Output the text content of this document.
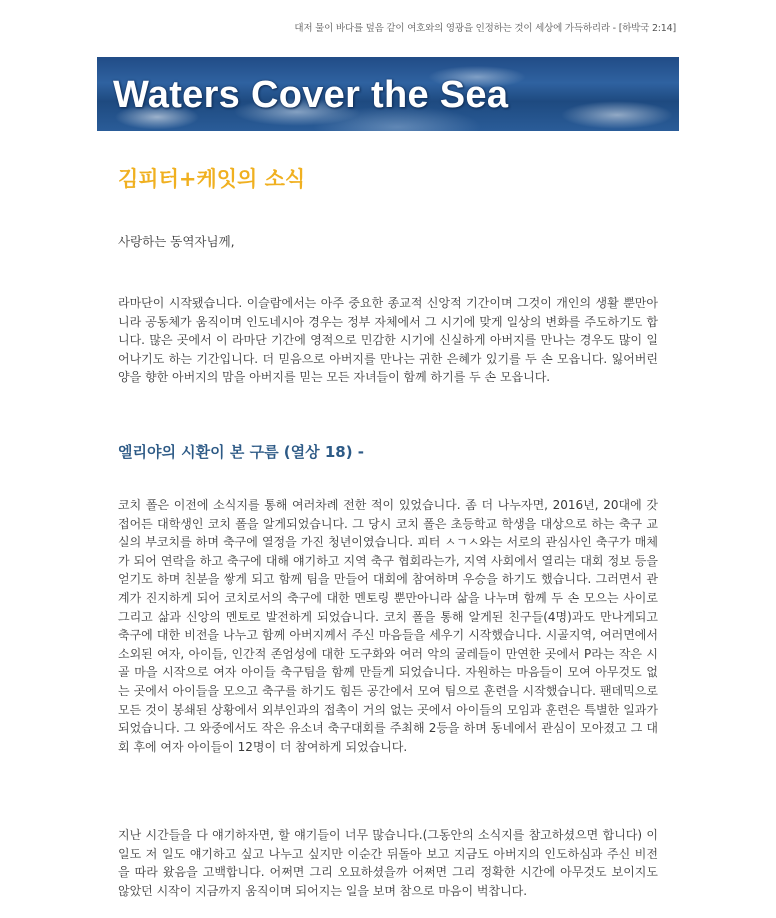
대저 물이 바다를 덮음 같이 여호와의 영광을 인정하는 것이 세상에 가득하리라 - [하박국 2:14]
Waters Cover the Sea
김피터+케잇의 소식
사랑하는 동역자님께,

라마단이 시작됐습니다. 이슬람에서는 아주 중요한 종교적 신앙적 기간이며 그것이 개인의 생활 뿐만아니라 공동체가 움직이며 인도네시아 경우는 정부 자체에서 그 시기에 맞게 일상의 변화를 주도하기도 합니다. 많은 곳에서 이 라마단 기간에 영적으로 민감한 시기에 신실하게 아버지를 만나는 경우도 많이 일어나기도 하는 기간입니다. 더 믿음으로 아버지를 만나는 귀한 은혜가 있기를 두 손 모읍니다. 잃어버린 양을 향한 아버지의 맘을 아버지를 믿는 모든 자녀들이 함께 하기를 두 손 모읍니다.

엘리야의 시환이 본 구름 (열상 18) -

코치 폴은 이전에 소식지를 통해 여러차례 전한 적이 있었습니다. 좀 더 나누자면, 2016년, 20대에 갓 접어든 대학생인 코치 폴을 알게되었습니다. 그 당시 코치 폴은 초등학교 학생을 대상으로 하는 축구 교실의 부코치를 하며 축구에 열정을 가진 청년이였습니다. 피터 ㅅㄱㅅ와는 서로의 관심사인 축구가 매체가 되어 연락을 하고 축구에 대해 얘기하고 지역 축구 협회라는가, 지역 사회에서 열리는 대회 정보 등을 얻기도 하며 친분을 쌓게 되고 함께 팀을 만들어 대회에 참여하며 우승을 하기도 했습니다. 그러면서 관계가 진지하게 되어 코치로서의 축구에 대한 멘토링 뿐만아니라 삶을 나누며 함께 두 손 모으는 사이로 그리고 삶과 신앙의 멘토로 발전하게 되었습니다. 코치 폴을 통해 알게된 친구들(4명)과도 만나게되고 축구에 대한 비전을 나누고 함께 아버지께서 주신 마음들을 세우기 시작했습니다. 시골지역, 여러면에서 소외된 여자, 아이들, 인간적 존엄성에 대한 도구화와 여러 악의 굴레들이 만연한 곳에서 P라는 작은 시골 마을 시작으로 여자 아이들 축구팀을 함께 만들게 되었습니다. 자원하는 마음들이 모여 아무것도 없는 곳에서 아이들을 모으고 축구를 하기도 힘든 공간에서 모여 팀으로 훈련을 시작했습니다. 팬데믹으로 모든 것이 봉쇄된 상황에서 외부인과의 접촉이 거의 없는 곳에서 아이들의 모임과 훈련은 특별한 일과가 되었습니다. 그 와중에서도 작은 유소녀 축구대회를 주최해 2등을 하며 동네에서 관심이 모아졌고 그 대회 후에 여자 아이들이 12명이 더 참여하게 되었습니다.

지난 시간들을 다 얘기하자면, 할 얘기들이 너무 많습니다.(그동안의 소식지를 참고하셨으면 합니다) 이 일도 저 일도 얘기하고 싶고 나누고 싶지만 이순간 뒤돌아 보고 지금도 아버지의 인도하심과 주신 비전을 따라 왔음을 고백합니다. 어쩌면 그리 오묘하셨을까 어쩌면 그리 정확한 시간에 아무것도 보이지도 않았던 시작이 지금까지 움직이며 되어지는 일을 보며 참으로 마음이 벅찹니다.
